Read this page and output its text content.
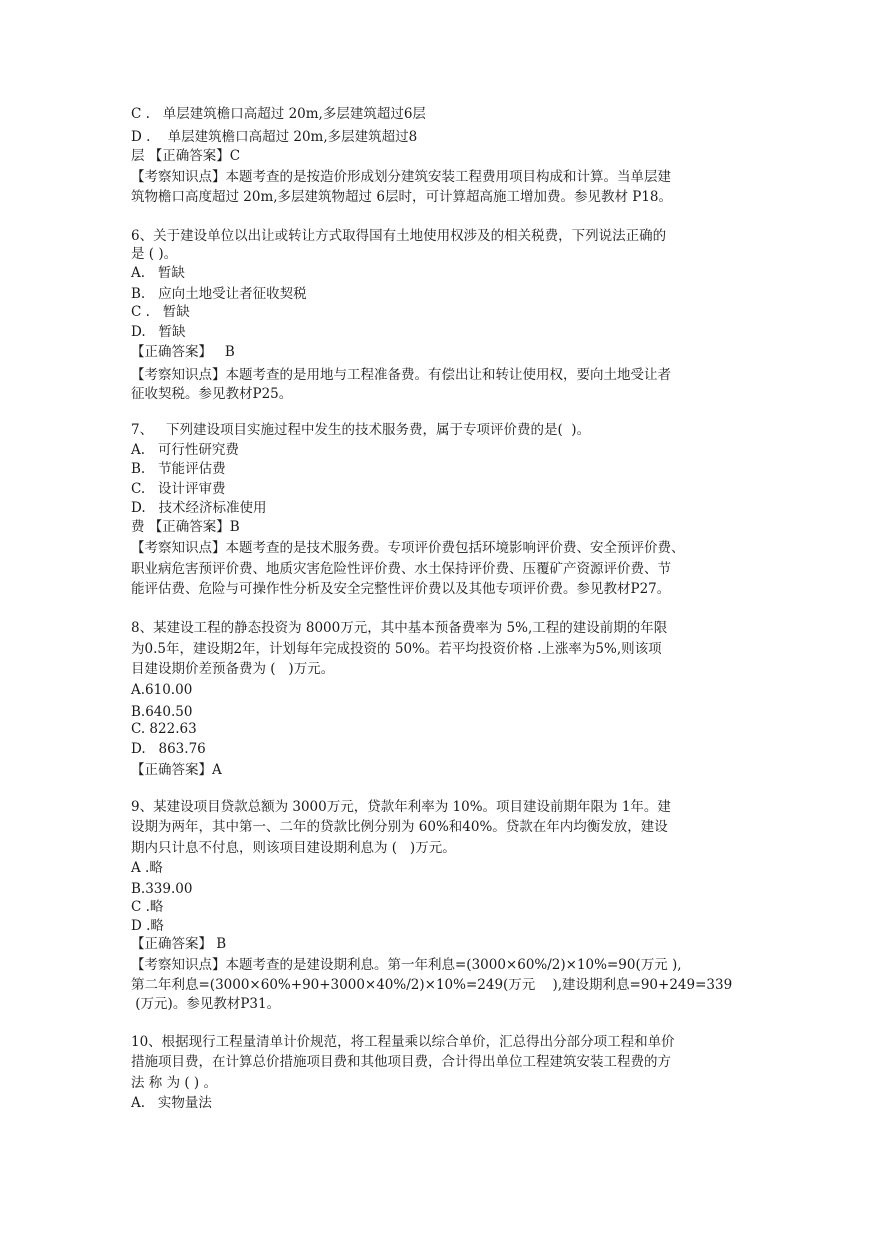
C .   单层建筑檐口高超过 20m,多层建筑超过6层
D .    单层建筑檐口高超过 20m,多层建筑超过8
层 【正确答案】C
【考察知识点】本题考查的是按造价形成划分建筑安装工程费用项目构成和计算。当单层建
筑物檐口高度超过 20m,多层建筑物超过 6层时，可计算超高施工增加费。参见教材 P18。
6、关于建设单位以出让或转让方式取得国有土地使用权涉及的相关税费，下列说法正确的
是 ( )。
A.   暂缺
B.   应向土地受让者征收契税
C .   暂缺
D.   暂缺
【正确答案】   B
【考察知识点】本题考查的是用地与工程准备费。有偿出让和转让使用权，要向土地受让者
征收契税。参见教材P25。
7、   下列建设项目实施过程中发生的技术服务费，属于专项评价费的是(  )。
A.   可行性研究费
B.   节能评估费
C.   设计评审费
D.   技术经济标准使用
费 【正确答案】B
【考察知识点】本题考查的是技术服务费。专项评价费包括环境影响评价费、安全预评价费、
职业病危害预评价费、地质灾害危险性评价费、水土保持评价费、压覆矿产资源评价费、节
能评估费、危险与可操作性分析及安全完整性评价费以及其他专项评价费。参见教材P27。
8、某建设工程的静态投资为 8000万元，其中基本预备费率为 5%,工程的建设前期的年限
为0.5年，建设期2年，计划每年完成投资的 50%。若平均投资价格 .上涨率为5%,则该项
目建设期价差预备费为 (   )万元。
A.610.00
B.640.50
C. 822.63
D.   863.76
【正确答案】A
9、某建设项目贷款总额为 3000万元，贷款年利率为 10%。项目建设前期年限为 1年。建
设期为两年，其中第一、二年的贷款比例分别为 60%和40%。贷款在年内均衡发放，建设
期内只计息不付息，则该项目建设期利息为 (   )万元。
A .略
B.339.00
C .略
D .略
【正确答案】 B
【考察知识点】本题考查的是建设期利息。第一年利息=(3000×60%/2)×10%=90(万元 ),
第二年利息=(3000×60%+90+3000×40%/2)×10%=249(万元    ),建设期利息=90+249=339
(万元)。参见教材P31。
10、根据现行工程量清单计价规范，将工程量乘以综合单价，汇总得出分部分项工程和单价
措施项目费，在计算总价措施项目费和其他项目费，合计得出单位工程建筑安装工程费的方
法 称 为 ( ) 。
A.   实物量法
